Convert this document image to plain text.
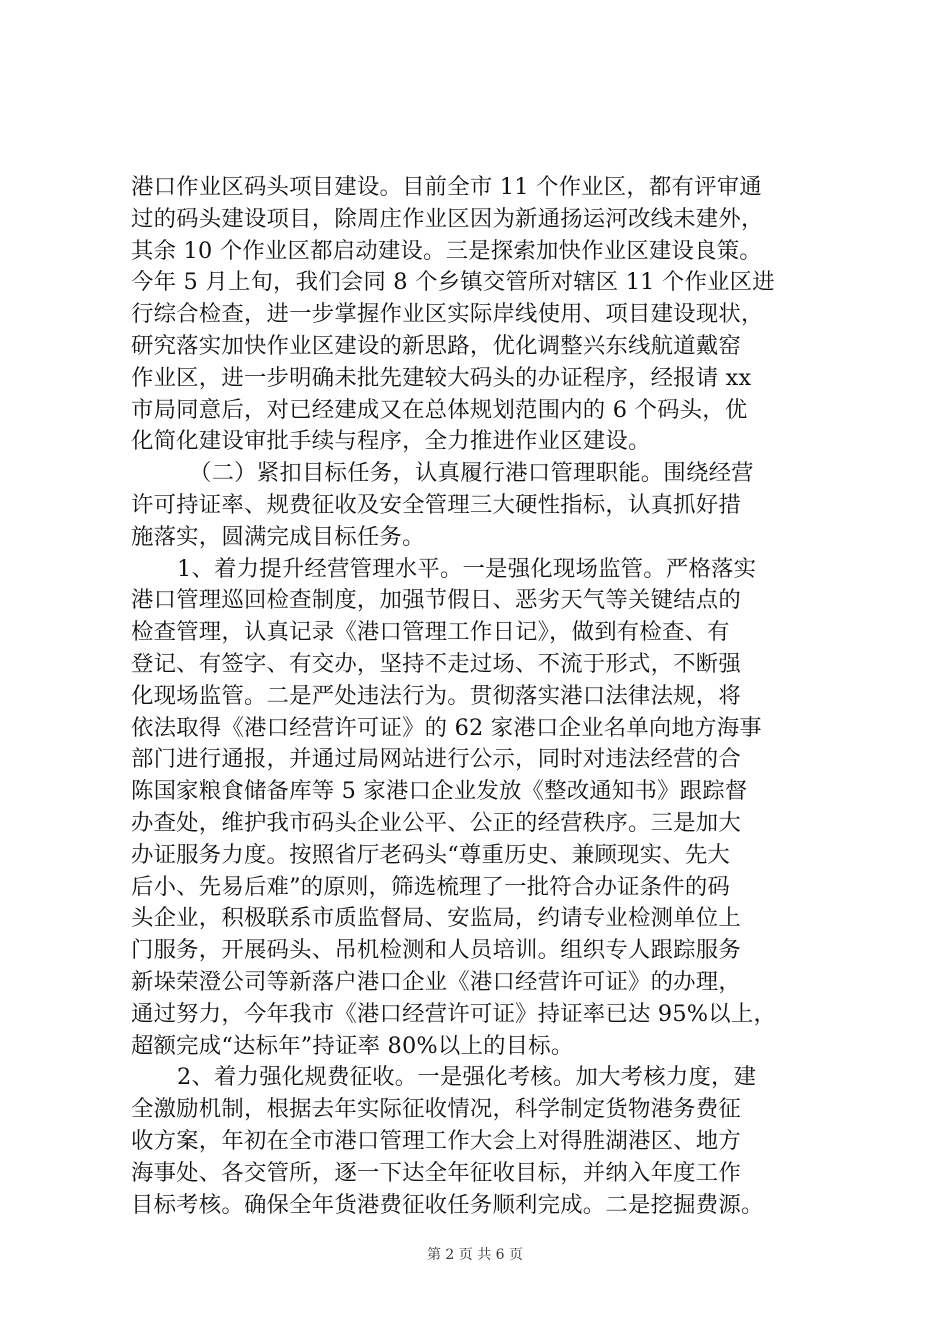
港口作业区码头项目建设。目前全市 11 个作业区，都有评审通
过的码头建设项目，除周庄作业区因为新通扬运河改线未建外，
其余 10 个作业区都启动建设。三是探索加快作业区建设良策。
今年 5 月上旬，我们会同 8 个乡镇交管所对辖区 11 个作业区进
行综合检查，进一步掌握作业区实际岸线使用、项目建设现状，
研究落实加快作业区建设的新思路，优化调整兴东线航道戴窑
作业区，进一步明确未批先建较大码头的办证程序，经报请 xx
市局同意后，对已经建成又在总体规划范围内的 6 个码头，优
化简化建设审批手续与程序，全力推进作业区建设。
（二）紧扣目标任务，认真履行港口管理职能。围绕经营
许可持证率、规费征收及安全管理三大硬性指标，认真抓好措
施落实，圆满完成目标任务。
1、着力提升经营管理水平。一是强化现场监管。严格落实
港口管理巡回检查制度，加强节假日、恶劣天气等关键结点的
检查管理，认真记录《港口管理工作日记》，做到有检查、有
登记、有签字、有交办，坚持不走过场、不流于形式，不断强
化现场监管。二是严处违法行为。贯彻落实港口法律法规，将
依法取得《港口经营许可证》的 62 家港口企业名单向地方海事
部门进行通报，并通过局网站进行公示，同时对违法经营的合
陈国家粮食储备库等 5 家港口企业发放《整改通知书》跟踪督
办查处，维护我市码头企业公平、公正的经营秩序。三是加大
办证服务力度。按照省厅老码头“尊重历史、兼顾现实、先大
后小、先易后难”的原则，筛选梳理了一批符合办证条件的码
头企业，积极联系市质监督局、安监局，约请专业检测单位上
门服务，开展码头、吊机检测和人员培训。组织专人跟踪服务
新垛荣澄公司等新落户港口企业《港口经营许可证》的办理，
通过努力，今年我市《港口经营许可证》持证率已达 95%以上，
超额完成“达标年”持证率 80%以上的目标。
2、着力强化规费征收。一是强化考核。加大考核力度，建
全激励机制，根据去年实际征收情况，科学制定货物港务费征
收方案，年初在全市港口管理工作大会上对得胜湖港区、地方
海事处、各交管所，逐一下达全年征收目标，并纳入年度工作
目标考核。确保全年货港费征收任务顺利完成。二是挖掘费源。
第 2 页 共 6 页
